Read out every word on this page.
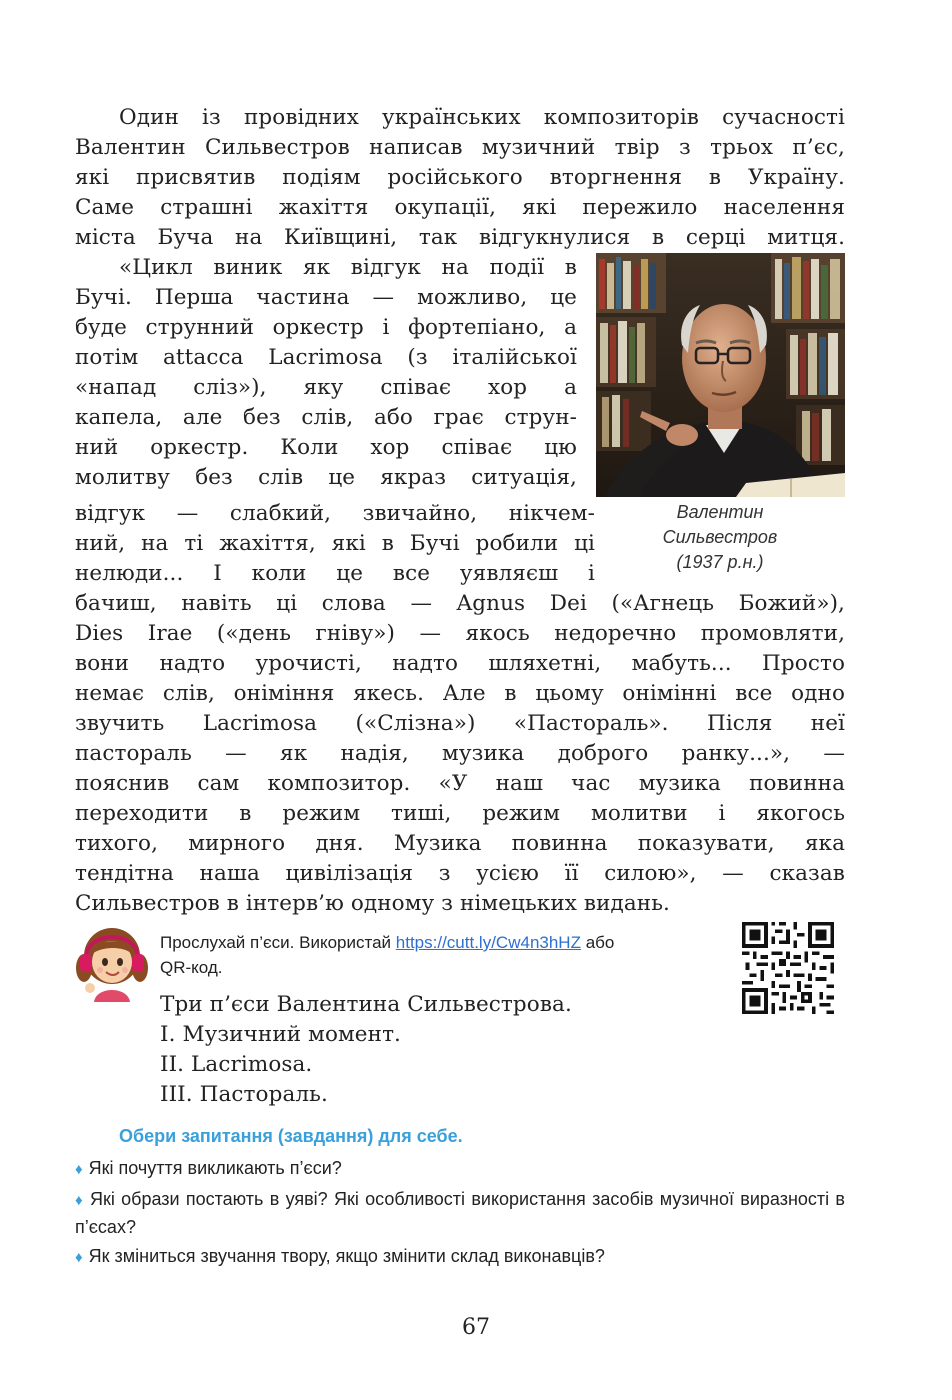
Один із провідних українських композиторів сучасності
Валентин Сильвестров написав музичний твір з трьох п’єс,
які присвятив подіям російського вторгнення в Україну.
Саме страшні жахіття окупації, які пережило населення
міста Буча на Київщині, так відгукнулися в серці митця.
«Цикл виник як відгук на події в
Бучі. Перша частина — можливо, це
буде струнний оркестр і фортепіано, а
потім attacca Lacrimosa (з італійської
«напад сліз»), яку співає хор а
капела, але без слів, або грає струн-
ний оркестр. Коли хор співає цю
молитву без слів це якраз ситуація,
відгук — слабкий, звичайно, нікчем-
ний, на ті жахіття, які в Бучі робили ці
нелюди... І коли це все уявляєш і
бачиш, навіть ці слова — Agnus Dei («Агнець Божий»),
Dies Irae («день гніву») — якось недоречно промовляти,
вони надто урочисті, надто шляхетні, мабуть... Просто
немає слів, оніміння якесь. Але в цьому онімінні все одно
звучить Lacrimosa («Слізна») «Пастораль». Після неї
пастораль — як надія, музика доброго ранку...», —
пояснив сам композитор. «У наш час музика повинна
переходити в режим тиші, режим молитви і якогось
тихого, мирного дня. Музика повинна показувати, яка
тендітна наша цивілізація з усією її силою», — сказав
Сильвестров в інтерв’ю одному з німецьких видань.
Валентин
Сильвестров
(1937 р.н.)
Прослухай п’єси. Використай https://cutt.ly/Cw4n3hHZ або
QR-код.
Три п’єси Валентина Сильвестрова.
І. Музичний момент.
ІІ. Lacrimosa.
ІІІ. Пастораль.
Обери запитання (завдання) для себе.
♦ Які почуття викликають п’єси?
♦ Які образи постають в уяві? Які особливості використання засобів музичної виразності в п’єсах?
♦ Як зміниться звучання твору, якщо змінити склад виконавців?
67
